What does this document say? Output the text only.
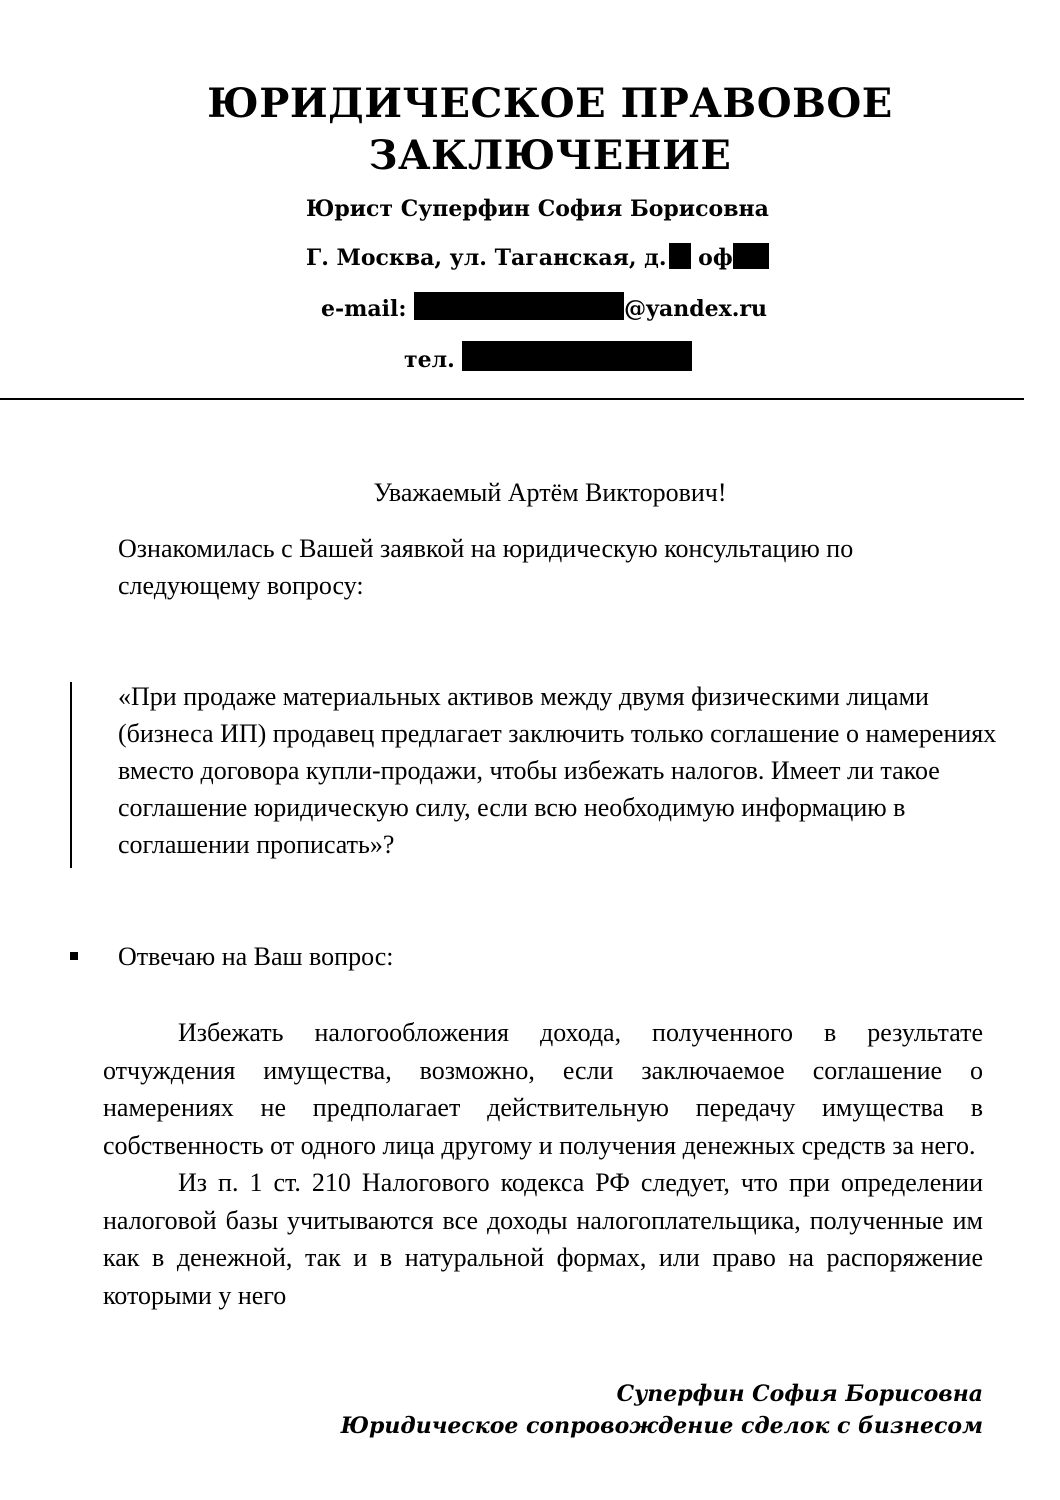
ЮРИДИЧЕСКОЕ ПРАВОВОЕ
ЗАКЛЮЧЕНИЕ
Юрист Суперфин София Борисовна
Г. Москва, ул. Таганская, д. оф
e-mail:	@yandex.ru
тел.
Уважаемый Артём Викторович!
Ознакомилась с Вашей заявкой на юридическую консультацию по следующему вопросу:
«При продаже материальных активов между двумя физическими лицами (бизнеса ИП) продавец предлагает заключить только соглашение о намерениях вместо договора купли-продажи, чтобы избежать налогов. Имеет ли такое соглашение юридическую силу, если всю необходимую информацию в соглашении прописать»?
Отвечаю на Ваш вопрос:

Избежать налогообложения дохода, полученного в результате отчуждения имущества, возможно, если заключаемое соглашение о намерениях не предполагает действительную передачу имущества в собственность от одного лица другому и получения денежных средств за него.

Из п. 1 ст. 210 Налогового кодекса РФ следует, что при определении налоговой базы учитываются все доходы налогоплательщика, полученные им как в денежной, так и в натуральной формах, или право на распоряжение которыми у него

Суперфин София Борисовна
Юридическое сопровождение сделок с бизнесом
